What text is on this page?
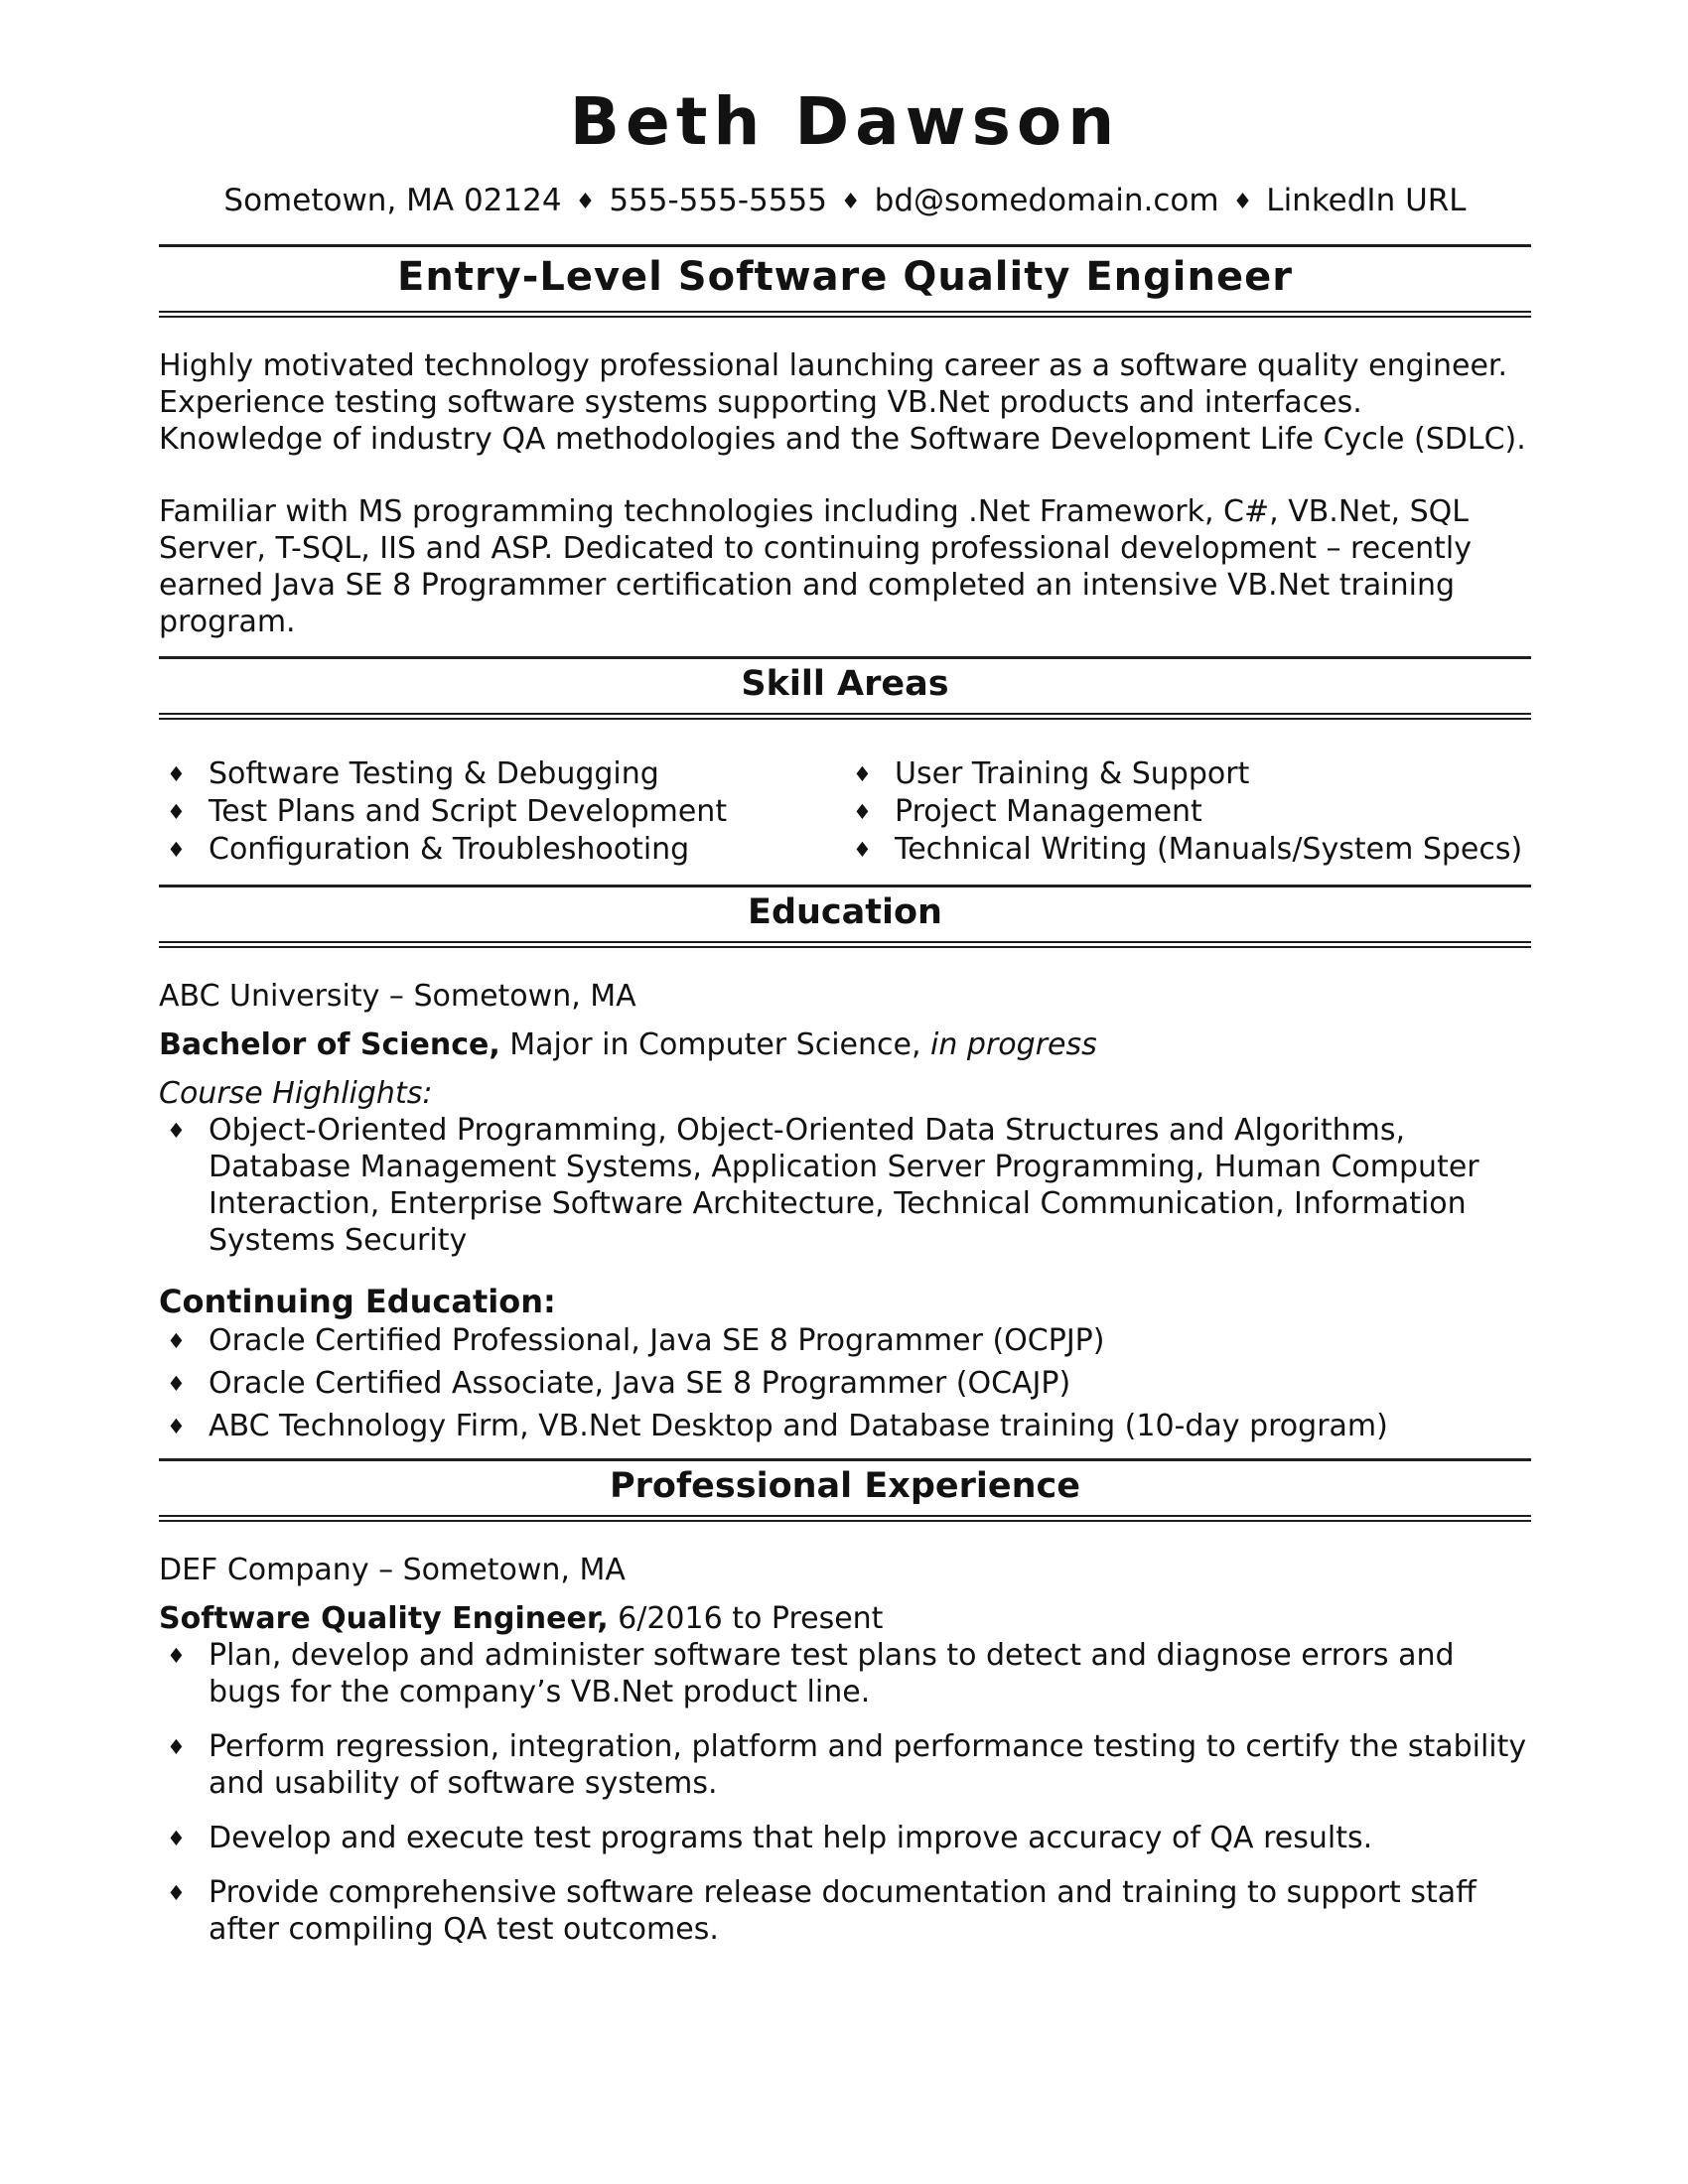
Beth Dawson
Sometown, MA 02124 ♦ 555-555-5555 ♦ bd@somedomain.com ♦ LinkedIn URL
Entry-Level Software Quality Engineer

Highly motivated technology professional launching career as a software quality engineer. Experience testing software systems supporting VB.Net products and interfaces. Knowledge of industry QA methodologies and the Software Development Life Cycle (SDLC).

Familiar with MS programming technologies including .Net Framework, C#, VB.Net, SQL Server, T-SQL, IIS and ASP. Dedicated to continuing professional development – recently earned Java SE 8 Programmer certification and completed an intensive VB.Net training program.

Skill Areas
♦ Software Testing & Debugging
♦ Test Plans and Script Development
♦ Configuration & Troubleshooting
♦ User Training & Support
♦ Project Management
♦ Technical Writing (Manuals/System Specs)
Education
ABC University – Sometown, MA
Bachelor of Science, Major in Computer Science, in progress
Course Highlights:
♦ Object-Oriented Programming, Object-Oriented Data Structures and Algorithms, Database Management Systems, Application Server Programming, Human Computer Interaction, Enterprise Software Architecture, Technical Communication, Information Systems Security
Continuing Education:
♦ Oracle Certified Professional, Java SE 8 Programmer (OCPJP)
♦ Oracle Certified Associate, Java SE 8 Programmer (OCAJP)
♦ ABC Technology Firm, VB.Net Desktop and Database training (10-day program)
Professional Experience
DEF Company – Sometown, MA
Software Quality Engineer, 6/2016 to Present
♦ Plan, develop and administer software test plans to detect and diagnose errors and bugs for the company’s VB.Net product line.
♦ Perform regression, integration, platform and performance testing to certify the stability and usability of software systems.
♦ Develop and execute test programs that help improve accuracy of QA results.
♦ Provide comprehensive software release documentation and training to support staff after compiling QA test outcomes.
